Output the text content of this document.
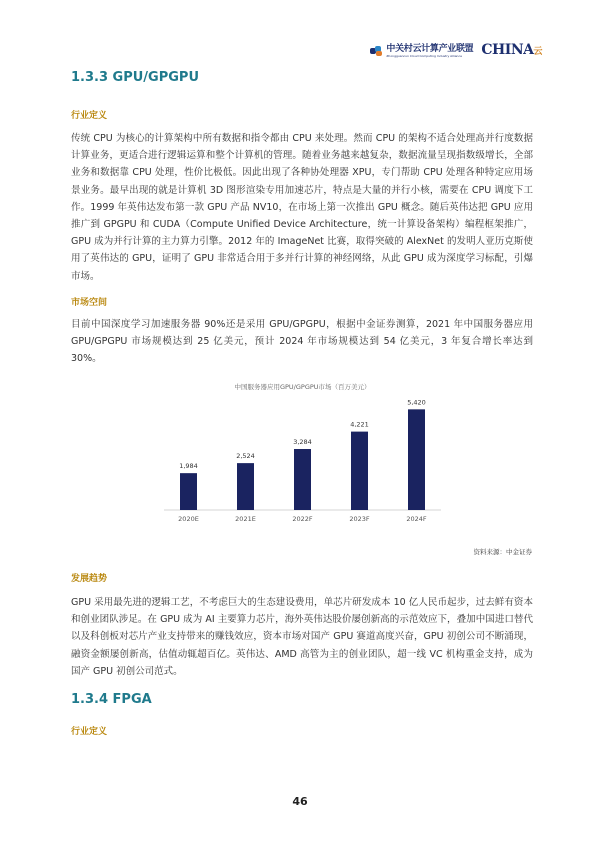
中关村云计算产业联盟
Zhongguancun Cloud Computing Industry Alliance	CHINA云
1.3.3 GPU/GPGPU
行业定义

传统 CPU 为核心的计算架构中所有数据和指令都由 CPU 来处理。然而 CPU 的架构不适合处理高并行度数据计算业务，更适合进行逻辑运算和整个计算机的管理。随着业务越来越复杂，数据流量呈现指数级增长，全部业务和数据靠 CPU 处理，性价比极低。因此出现了各种协处理器 XPU，专门帮助 CPU 处理各种特定应用场景业务。最早出现的就是计算机 3D 图形渲染专用加速芯片，特点是大量的并行小核，需要在 CPU 调度下工作。1999 年英伟达发布第一款 GPU 产品 NV10，在市场上第一次推出 GPU 概念。随后英伟达把 GPU 应用推广到 GPGPU 和 CUDA（Compute Unified Device Architecture，统一计算设备架构）编程框架推广，GPU 成为并行计算的主力算力引擎。2012 年的 ImageNet 比赛，取得突破的 AlexNet 的发明人亚历克斯使用了英伟达的 GPU，证明了 GPU 非常适合用于多并行计算的神经网络，从此 GPU 成为深度学习标配，引爆市场。

市场空间

目前中国深度学习加速服务器 90%还是采用 GPU/GPGPU，根据中金证券测算，2021 年中国服务器应用 GPU/GPGPU 市场规模达到 25 亿美元，预计 2024 年市场规模达到 54 亿美元，3 年复合增长率达到 30%。

中国服务器应用GPU/GPGPU市场（百万美元）
1,984
2020E
2,524
2021E
3,284
2022F
4,221
2023F
5,420
2024F

资料来源：中金证券

发展趋势

GPU 采用最先进的逻辑工艺，不考虑巨大的生态建设费用，单芯片研发成本 10 亿人民币起步，过去鲜有资本和创业团队涉足。在 GPU 成为 AI 主要算力芯片，海外英伟达股价屡创新高的示范效应下，叠加中国进口替代以及科创板对芯片产业支持带来的赚钱效应，资本市场对国产 GPU 赛道高度兴奋，GPU 初创公司不断涌现，融资金额屡创新高，估值动辄超百亿。英伟达、AMD 高管为主的创业团队，超一线 VC 机构重金支持，成为国产 GPU 初创公司范式。

1.3.4 FPGA
行业定义

46
